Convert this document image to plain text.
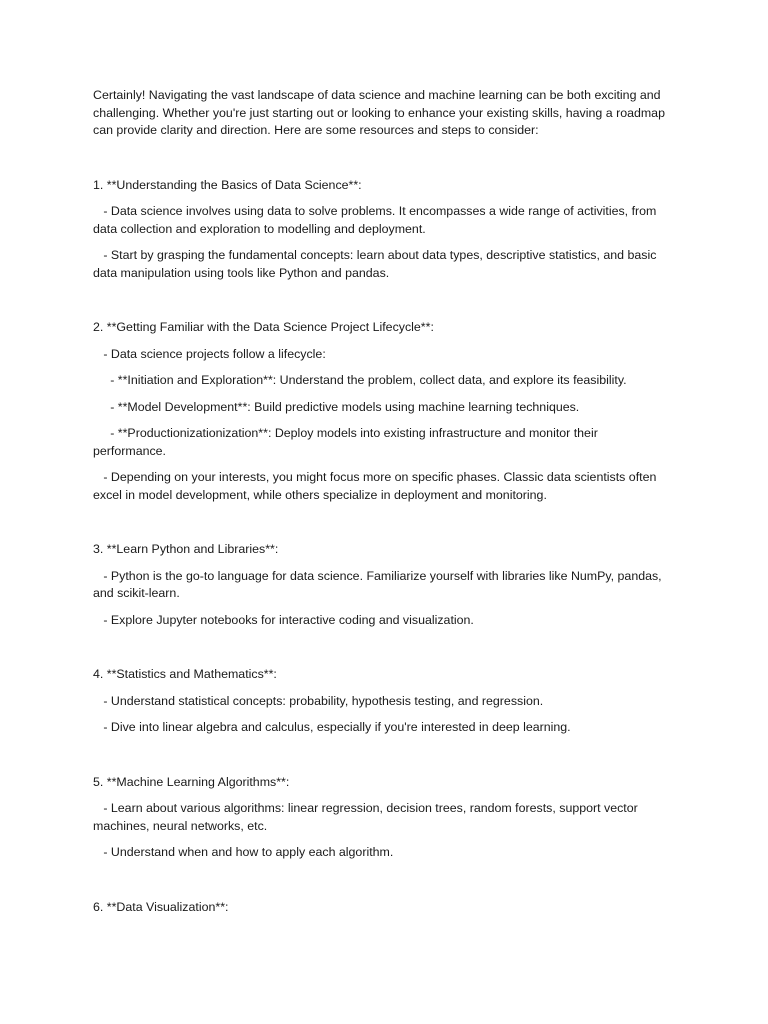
Certainly! Navigating the vast landscape of data science and machine learning can be both exciting and challenging. Whether you're just starting out or looking to enhance your existing skills, having a roadmap can provide clarity and direction. Here are some resources and steps to consider:

1. **Understanding the Basics of Data Science**:

- Data science involves using data to solve problems. It encompasses a wide range of activities, from data collection and exploration to modelling and deployment.

- Start by grasping the fundamental concepts: learn about data types, descriptive statistics, and basic data manipulation using tools like Python and pandas.

2. **Getting Familiar with the Data Science Project Lifecycle**:

- Data science projects follow a lifecycle:

- **Initiation and Exploration**: Understand the problem, collect data, and explore its feasibility.

- **Model Development**: Build predictive models using machine learning techniques.

- **Productionizationization**: Deploy models into existing infrastructure and monitor their performance.

- Depending on your interests, you might focus more on specific phases. Classic data scientists often excel in model development, while others specialize in deployment and monitoring.

3. **Learn Python and Libraries**:

- Python is the go-to language for data science. Familiarize yourself with libraries like NumPy, pandas, and scikit-learn.

- Explore Jupyter notebooks for interactive coding and visualization.

4. **Statistics and Mathematics**:

- Understand statistical concepts: probability, hypothesis testing, and regression.

- Dive into linear algebra and calculus, especially if you're interested in deep learning.

5. **Machine Learning Algorithms**:

- Learn about various algorithms: linear regression, decision trees, random forests, support vector machines, neural networks, etc.

- Understand when and how to apply each algorithm.

6. **Data Visualization**:
